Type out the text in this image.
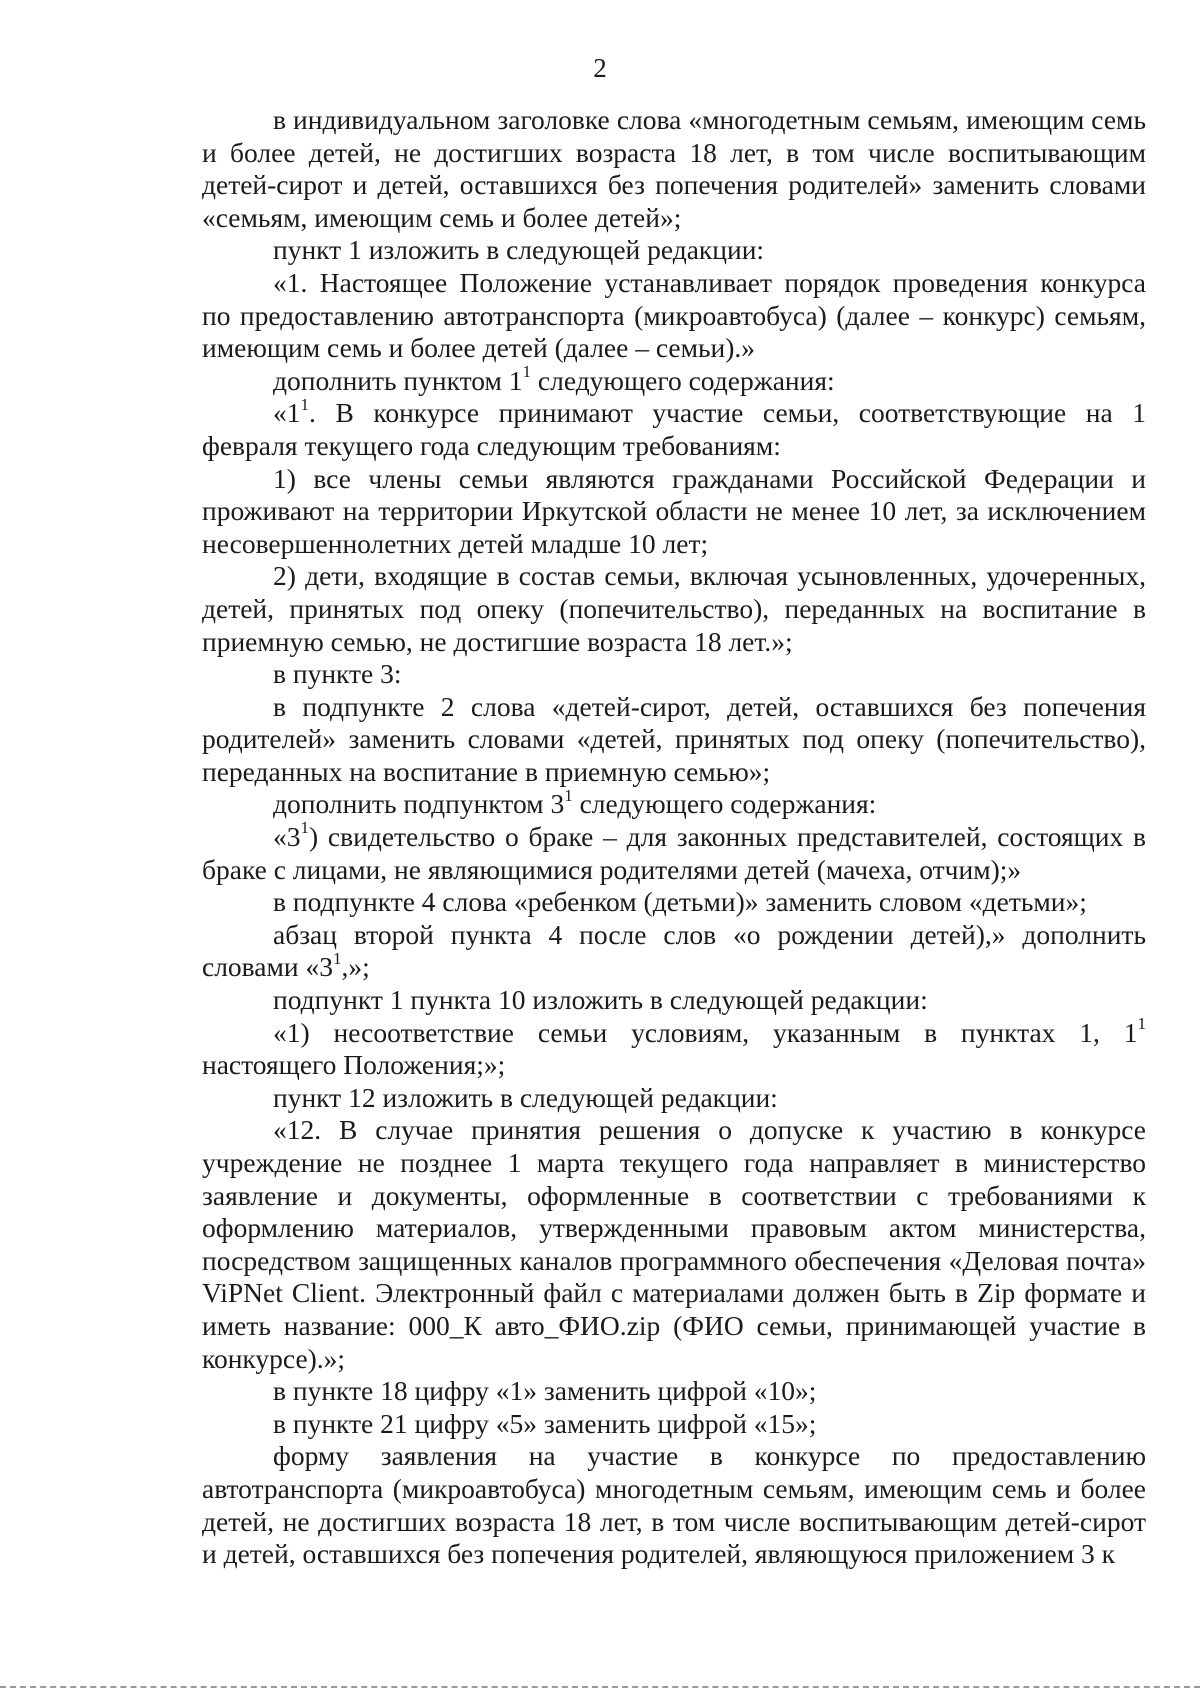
2

в индивидуальном заголовке слова «многодетным семьям, имеющим семь и более детей, не достигших возраста 18 лет, в том числе воспитывающим детей-сирот и детей, оставшихся без попечения родителей» заменить словами «семьям, имеющим семь и более детей»;

пункт 1 изложить в следующей редакции:

«1. Настоящее Положение устанавливает порядок проведения конкурса по предоставлению автотранспорта (микроавтобуса) (далее – конкурс) семьям, имеющим семь и более детей (далее – семьи).»

дополнить пунктом $1^1$ следующего содержания:

«$1^1$. В конкурсе принимают участие семьи, соответствующие на 1 февраля текущего года следующим требованиям:

1) все члены семьи являются гражданами Российской Федерации и проживают на территории Иркутской области не менее 10 лет, за исключением несовершеннолетних детей младше 10 лет;

2) дети, входящие в состав семьи, включая усыновленных, удочеренных, детей, принятых под опеку (попечительство), переданных на воспитание в приемную семью, не достигшие возраста 18 лет.»;

в пункте 3:

в подпункте 2 слова «детей-сирот, детей, оставшихся без попечения родителей» заменить словами «детей, принятых под опеку (попечительство), переданных на воспитание в приемную семью»;

дополнить подпунктом $3^1$ следующего содержания:

«$3^1$) свидетельство о браке – для законных представителей, состоящих в браке с лицами, не являющимися родителями детей (мачеха, отчим);»

в подпункте 4 слова «ребенком (детьми)» заменить словом «детьми»;

абзац второй пункта 4 после слов «о рождении детей),» дополнить словами «$3^1$,»;

подпункт 1 пункта 10 изложить в следующей редакции:

«1) несоответствие семьи условиям, указанным в пунктах 1, $1^1$ настоящего Положения;»;

пункт 12 изложить в следующей редакции:

«12. В случае принятия решения о допуске к участию в конкурсе учреждение не позднее 1 марта текущего года направляет в министерство заявление и документы, оформленные в соответствии с требованиями к оформлению материалов, утвержденными правовым актом министерства, посредством защищенных каналов программного обеспечения «Деловая почта» ViPNet Client. Электронный файл с материалами должен быть в Zip формате и иметь название: 000_К авто_ФИО.zip (ФИО семьи, принимающей участие в конкурсе).»;

в пункте 18 цифру «1» заменить цифрой «10»;

в пункте 21 цифру «5» заменить цифрой «15»;

форму заявления на участие в конкурсе по предоставлению автотранспорта (микроавтобуса) многодетным семьям, имеющим семь и более детей, не достигших возраста 18 лет, в том числе воспитывающим детей-сирот и детей, оставшихся без попечения родителей, являющуюся приложением 3 к
